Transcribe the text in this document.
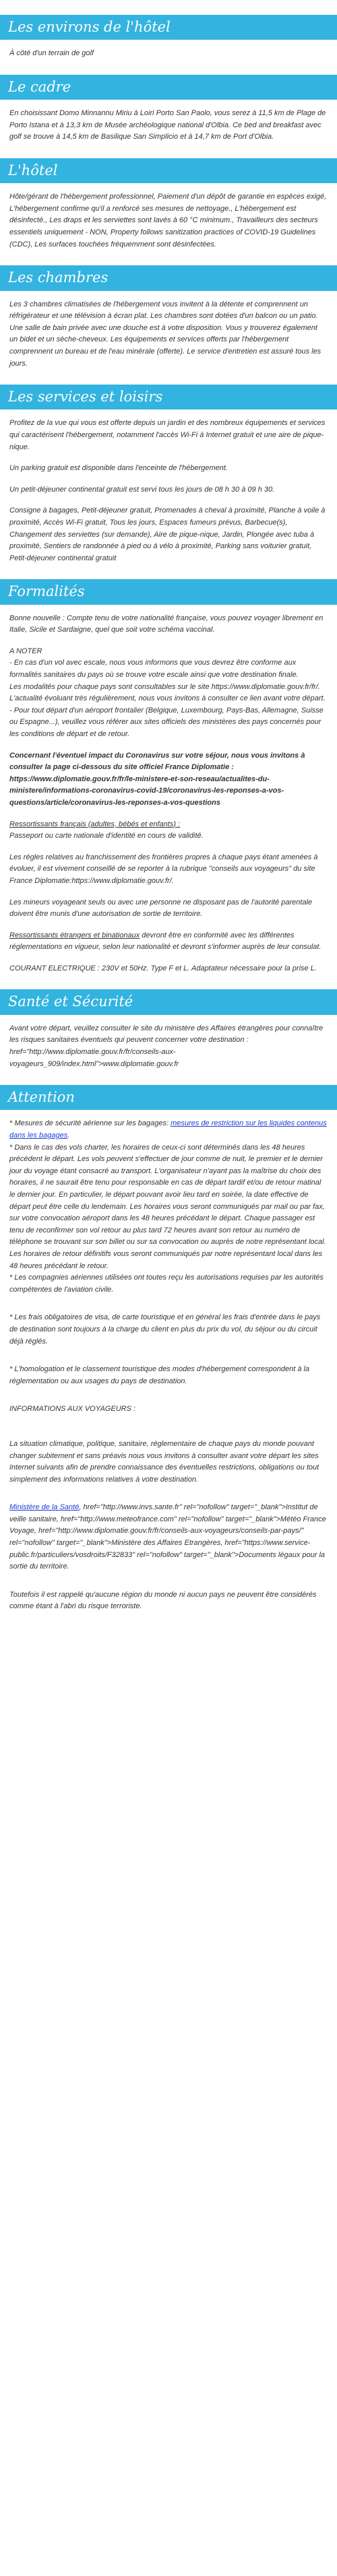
Les environs de l'hôtel

À côté d'un terrain de golf

Le cadre

En choisissant Domo Minnannu Miriu à Loiri Porto San Paolo, vous serez à 11,5 km de Plage de Porto Istana et à 13,3 km de Musée archéologique national d'Olbia. Ce bed and breakfast avec golf se trouve à 14,5 km de Basilique San Simplicio et à 14,7 km de Port d'Olbia.

L'hôtel

Hôte/gérant de l'hébergement professionnel, Paiement d'un dépôt de garantie en espèces exigé, L'hébergement confirme qu'il a renforcé ses mesures de nettoyage., L'hébergement est désinfecté., Les draps et les serviettes sont lavés à 60 °C minimum., Travailleurs des secteurs essentiels uniquement - NON, Property follows sanitization practices of COVID-19 Guidelines (CDC), Les surfaces touchées fréquemment sont désinfectées.

Les chambres

Les 3 chambres climatisées de l'hébergement vous invitent à la détente et comprennent un réfrigérateur et une télévision à écran plat. Les chambres sont dotées d'un balcon ou un patio. Une salle de bain privée avec une douche est à votre disposition. Vous y trouverez également un bidet et un sèche-cheveux. Les équipements et services offerts par l'hébergement comprennent un bureau et de l'eau minérale (offerte). Le service d'entretien est assuré tous les jours.

Les services et loisirs
Profitez de la vue qui vous est offerte depuis un jardin et des nombreux équipements et services qui caractérisent l'hébergement, notamment l'accès Wi-Fi à Internet gratuit et une aire de pique-nique.
Un parking gratuit est disponible dans l'enceinte de l'hébergement.
Un petit-déjeuner continental gratuit est servi tous les jours de 08 h 30 à 09 h 30.
Consigne à bagages, Petit-déjeuner gratuit, Promenades à cheval à proximité, Planche à voile à proximité, Accès Wi-Fi gratuit, Tous les jours, Espaces fumeurs prévus, Barbecue(s), Changement des serviettes (sur demande), Aire de pique-nique, Jardin, Plongée avec tuba à proximité, Sentiers de randonnée à pied ou à vélo à proximité, Parking sans voiturier gratuit, Petit-déjeuner continental gratuit
Formalités

Bonne nouvelle : Compte tenu de votre nationalité française, vous pouvez voyager librement en Italie, Sicile et Sardaigne, quel que soit votre schéma vaccinal.

A NOTER
- En cas d'un vol avec escale, nous vous informons que vous devrez être conforme aux formalités sanitaires du pays où se trouve votre escale ainsi que votre destination finale.
Les modalités pour chaque pays sont consultables sur le site https://www.diplomatie.gouv.fr/fr/. L'actualité évoluant très régulièrement, nous vous invitons à consulter ce lien avant votre départ.
- Pour tout départ d'un aéroport frontalier (Belgique, Luxembourg, Pays-Bas, Allemagne, Suisse ou Espagne...), veuillez vous référer aux sites officiels des ministères des pays concernés pour les conditions de départ et de retour.

Concernant l'éventuel impact du Coronavirus sur votre séjour, nous vous invitons à consulter la page ci-dessous du site officiel France Diplomatie : https://www.diplomatie.gouv.fr/fr/le-ministere-et-son-reseau/actualites-du-ministere/informations-coronavirus-covid-19/coronavirus-les-reponses-a-vos-questions/article/coronavirus-les-reponses-a-vos-questions

Ressortissants français (adultes, bébés et enfants) :
Passeport ou carte nationale d'identité en cours de validité.

Les règles relatives au franchissement des frontières propres à chaque pays étant amenées à évoluer, il est vivement conseillé de se reporter à la rubrique "conseils aux voyageurs" du site France Diplomatie:https://www.diplomatie.gouv.fr/.

Les mineurs voyageant seuls ou avec une personne ne disposant pas de l'autorité parentale doivent être munis d'une autorisation de sortie de territoire.

Ressortissants étrangers et binationaux devront être en conformité avec les différentes réglementations en vigueur, selon leur nationalité et devront s'informer auprès de leur consulat.

COURANT ELECTRIQUE : 230V et 50Hz. Type F et L. Adaptateur nécessaire pour la prise L.

Santé et Sécurité

Avant votre départ, veuillez consulter le site du ministère des Affaires étrangères pour connaître les risques sanitaires éventuels qui peuvent concerner votre destination : href="http://www.diplomatie.gouv.fr/fr/conseils-aux-voyageurs_909/index.html">www.diplomatie.gouv.fr

Attention

* Mesures de sécurité aérienne sur les bagages: mesures de restriction sur les liquides contenus dans les bagages.
* Dans le cas des vols charter, les horaires de ceux-ci sont déterminés dans les 48 heures précédent le départ. Les vols peuvent s'effectuer de jour comme de nuit, le premier et le dernier jour du voyage étant consacré au transport. L'organisateur n'ayant pas la maîtrise du choix des horaires, il ne saurait être tenu pour responsable en cas de départ tardif et/ou de retour matinal le dernier jour. En particulier, le départ pouvant avoir lieu tard en soirée, la date effective de départ peut être celle du lendemain. Les horaires vous seront communiqués par mail ou par fax, sur votre convocation aéroport dans les 48 heures précédant le départ. Chaque passager est tenu de reconfirmer son vol retour au plus tard 72 heures avant son retour au numéro de téléphone se trouvant sur son billet ou sur sa convocation ou auprès de notre représentant local. Les horaires de retour définitifs vous seront communiqués par notre représentant local dans les 48 heures précédant le retour.
* Les compagnies aériennes utilisées ont toutes reçu les autorisations requises par les autorités compétentes de l'aviation civile.

* Les frais obligatoires de visa, de carte touristique et en général les frais d'entrée dans le pays de destination sont toujours à la charge du client en plus du prix du vol, du séjour ou du circuit déjà réglés.

* L'homologation et le classement touristique des modes d'hébergement correspondent à la réglementation ou aux usages du pays de destination.

INFORMATIONS AUX VOYAGEURS :

La situation climatique, politique, sanitaire, réglementaire de chaque pays du monde pouvant changer subitement et sans préavis nous vous invitons à consulter avant votre départ les sites Internet suivants afin de prendre connaissance des éventuelles restrictions, obligations ou tout simplement des informations relatives à votre destination.

Ministère de la Santé, href="http://www.invs.sante.fr" rel="nofollow" target="_blank">Institut de veille sanitaire, href="http://www.meteofrance.com" rel="nofollow" target="_blank">Météo France Voyage, href="http://www.diplomatie.gouv.fr/fr/conseils-aux-voyageurs/conseils-par-pays/" rel="nofollow" target="_blank">Ministère des Affaires Etrangères, href="https://www.service-public.fr/particuliers/vosdroits/F32833" rel="nofollow" target="_blank">Documents légaux pour la sortie du territoire.

Toutefois il est rappelé qu'aucune région du monde ni aucun pays ne peuvent être considérés comme étant à l'abri du risque terroriste.
